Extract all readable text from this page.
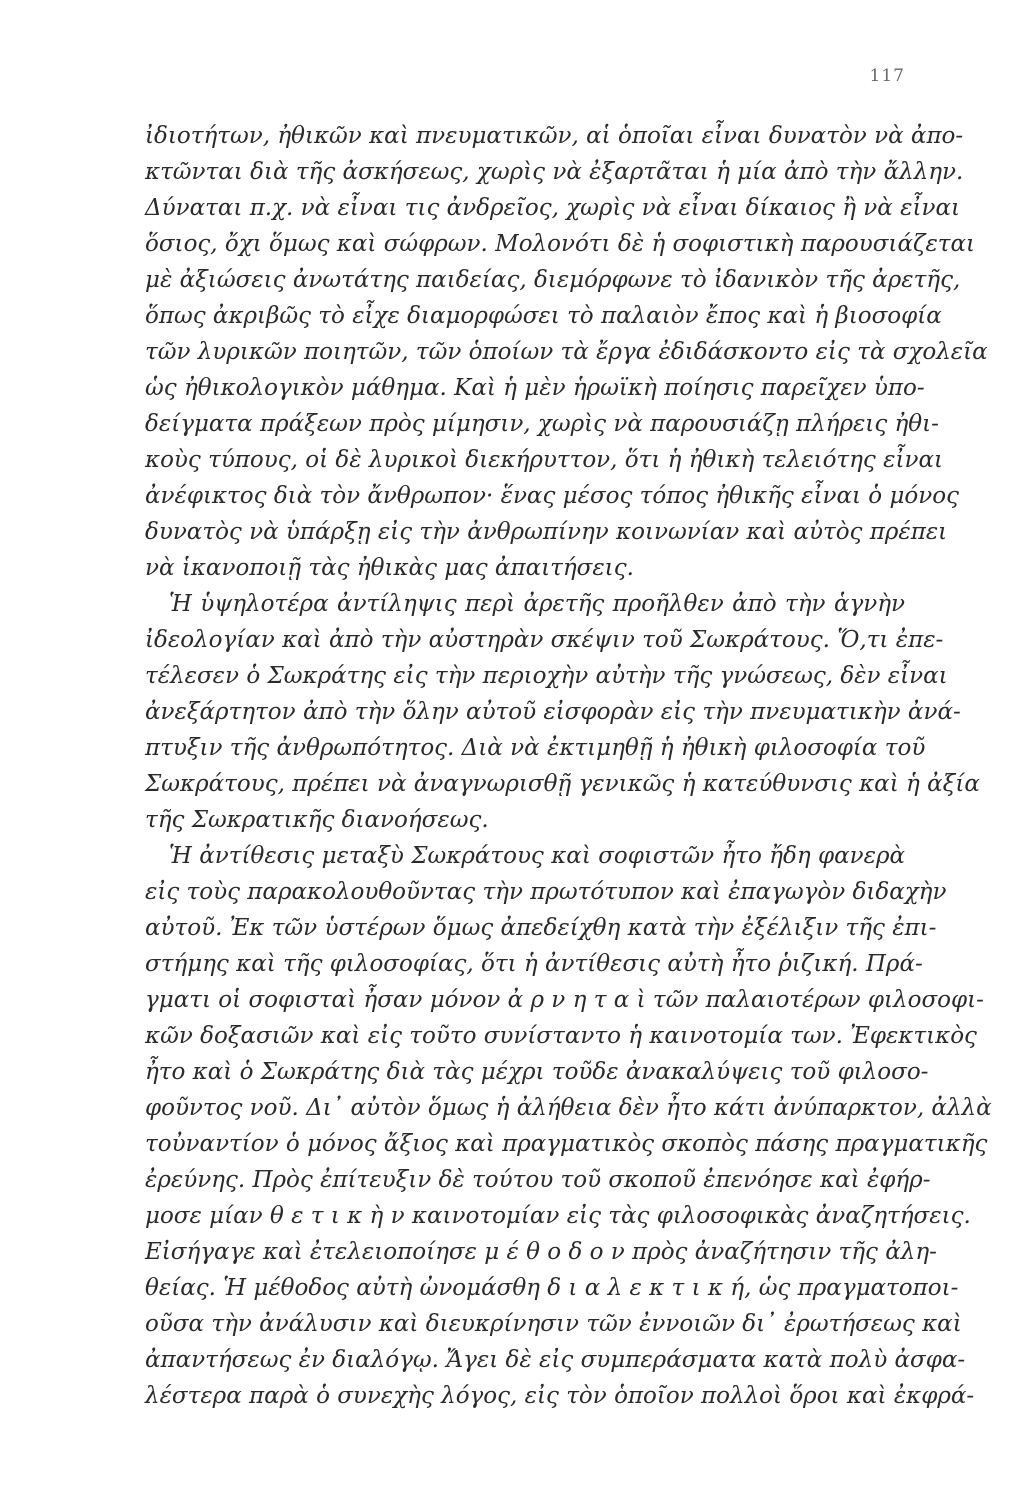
117
ἰδιοτήτων, ἠθικῶν καὶ πνευματικῶν, αἱ ὁποῖαι εἶναι δυνατὸν νὰ ἀπο-
κτῶνται διὰ τῆς ἀσκήσεως, χωρὶς νὰ ἐξαρτᾶται ἡ μία ἀπὸ τὴν ἄλλην.
Δύναται π.χ. νὰ εἶναι τις ἀνδρεῖος, χωρὶς νὰ εἶναι δίκαιος ἢ νὰ εἶναι
ὅσιος, ὄχι ὅμως καὶ σώφρων. Μολονότι δὲ ἡ σοφιστικὴ παρουσιάζεται
μὲ ἀξιώσεις ἀνωτάτης παιδείας, διεμόρφωνε τὸ ἰδανικὸν τῆς ἀρετῆς,
ὅπως ἀκριβῶς τὸ εἶχε διαμορφώσει τὸ παλαιὸν ἔπος καὶ ἡ βιοσοφία
τῶν λυρικῶν ποιητῶν, τῶν ὁποίων τὰ ἔργα ἐδιδάσκοντο εἰς τὰ σχολεῖα
ὡς ἠθικολογικὸν μάθημα. Καὶ ἡ μὲν ἡρωϊκὴ ποίησις παρεῖχεν ὑπο-
δείγματα πράξεων πρὸς μίμησιν, χωρὶς νὰ παρουσιάζῃ πλήρεις ἠθι-
κοὺς τύπους, οἱ δὲ λυρικοὶ διεκήρυττον, ὅτι ἡ ἠθικὴ τελειότης εἶναι
ἀνέφικτος διὰ τὸν ἄνθρωπον· ἕνας μέσος τόπος ἠθικῆς εἶναι ὁ μόνος
δυνατὸς νὰ ὑπάρξῃ εἰς τὴν ἀνθρωπίνην κοινωνίαν καὶ αὐτὸς πρέπει
νὰ ἱκανοποιῇ τὰς ἠθικὰς μας ἀπαιτήσεις.
Ἡ ὑψηλοτέρα ἀντίληψις περὶ ἀρετῆς προῆλθεν ἀπὸ τὴν ἁγνὴν
ἰδεολογίαν καὶ ἀπὸ τὴν αὐστηρὰν σκέψιν τοῦ Σωκράτους. Ὅ,τι ἐπε-
τέλεσεν ὁ Σωκράτης εἰς τὴν περιοχὴν αὐτὴν τῆς γνώσεως, δὲν εἶναι
ἀνεξάρτητον ἀπὸ τὴν ὅλην αὐτοῦ εἰσφορὰν εἰς τὴν πνευματικὴν ἀνά-
πτυξιν τῆς ἀνθρωπότητος. Διὰ νὰ ἐκτιμηθῇ ἡ ἠθικὴ φιλοσοφία τοῦ
Σωκράτους, πρέπει νὰ ἀναγνωρισθῇ γενικῶς ἡ κατεύθυνσις καὶ ἡ ἀξία
τῆς Σωκρατικῆς διανοήσεως.
Ἡ ἀντίθεσις μεταξὺ Σωκράτους καὶ σοφιστῶν ἦτο ἤδη φανερὰ
εἰς τοὺς παρακολουθοῦντας τὴν πρωτότυπον καὶ ἐπαγωγὸν διδαχὴν
αὐτοῦ. Ἐκ τῶν ὑστέρων ὅμως ἀπεδείχθη κατὰ τὴν ἐξέλιξιν τῆς ἐπι-
στήμης καὶ τῆς φιλοσοφίας, ὅτι ἡ ἀντίθεσις αὐτὴ ἦτο ῥιζική. Πρά-
γματι οἱ σοφισταὶ ἦσαν μόνον ἀ ρ ν η τ α ὶ τῶν παλαιοτέρων φιλοσοφι-
κῶν δοξασιῶν καὶ εἰς τοῦτο συνίσταντο ἡ καινοτομία των. Ἐφεκτικὸς
ἦτο καὶ ὁ Σωκράτης διὰ τὰς μέχρι τοῦδε ἀνακαλύψεις τοῦ φιλοσο-
φοῦντος νοῦ. Δι᾽ αὐτὸν ὅμως ἡ ἀλήθεια δὲν ἦτο κάτι ἀνύπαρκτον, ἀλλὰ
τοὐναντίον ὁ μόνος ἄξιος καὶ πραγματικὸς σκοπὸς πάσης πραγματικῆς
ἐρεύνης. Πρὸς ἐπίτευξιν δὲ τούτου τοῦ σκοποῦ ἐπενόησε καὶ ἐφήρ-
μοσε μίαν θ ε τ ι κ ὴ ν καινοτομίαν εἰς τὰς φιλοσοφικὰς ἀναζητήσεις.
Εἰσήγαγε καὶ ἐτελειοποίησε μ έ θ ο δ ο ν πρὸς ἀναζήτησιν τῆς ἀλη-
θείας. Ἡ μέθοδος αὐτὴ ὠνομάσθη δ ι α λ ε κ τ ι κ ή, ὡς πραγματοποι-
οῦσα τὴν ἀνάλυσιν καὶ διευκρίνησιν τῶν ἐννοιῶν δι᾽ ἐρωτήσεως καὶ
ἀπαντήσεως ἐν διαλόγῳ. Ἄγει δὲ εἰς συμπεράσματα κατὰ πολὺ ἀσφα-
λέστερα παρὰ ὁ συνεχὴς λόγος, εἰς τὸν ὁποῖον πολλοὶ ὅροι καὶ ἐκφρά-
